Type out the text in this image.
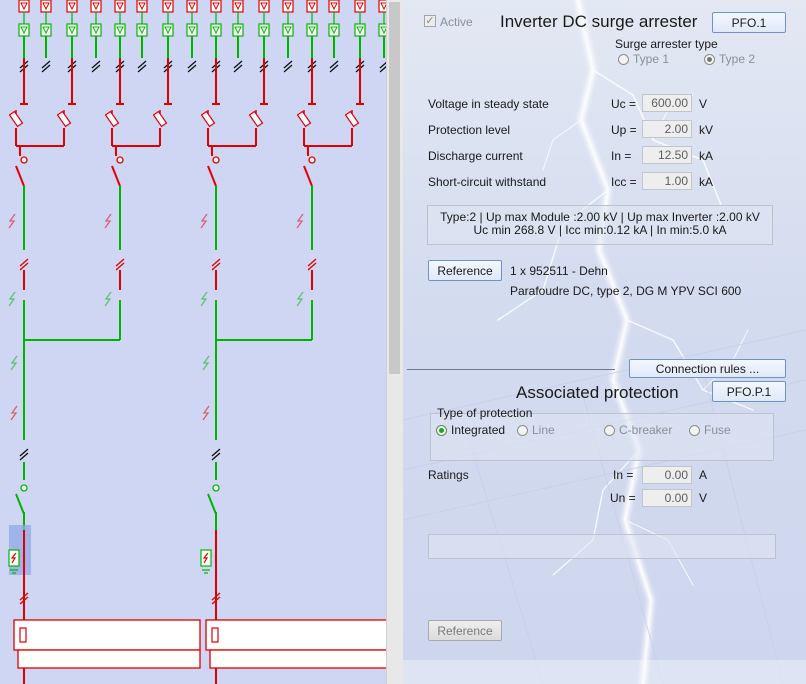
✓ Active Inverter DC surge arrester	PFO.1
Surge arrester type
Type 1	Type 2
Voltage in steady state	Uc =	600.00 V
Protection level	Up =	2.00 kV
Discharge current	In =	12.50 kA
Short-circuit withstand	Icc =	1.00 kA
Type:2 | Up max Module :2.00 kV | Up max Inverter :2.00 kV
Uc min 268.8 V | Icc min:0.12 kA | In min:5.0 kA
Reference	1 x 952511 - Dehn
Parafoudre DC, type 2, DG M YPV SCI 600
Connection rules ...
Associated protection	PFO.P.1
Type of protection
Integrated Line	C-breaker	Fuse
Ratings	In =	0.00 A
Un =	0.00 V
Reference
